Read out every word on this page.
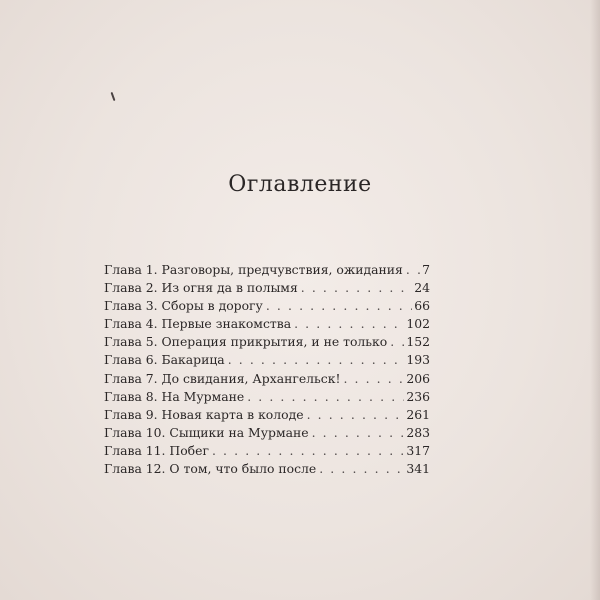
Оглавление
Глава 1. Разговоры, предчувствия, ожидания . . . 7
Глава 2. Из огня да в полымя . . .	24
Глава 3. Сборы в дорогу . . .	66
Глава 4. Первые знакомства . . .	102
Глава 5. Операция прикрытия, и не только . . . 152
Глава 6. Бакарица . . .	193
Глава 7. До свидания, Архангельск! . . .	206
Глава 8. На Мурмане . . .	236
Глава 9. Новая карта в колоде . . .	261
Глава 10. Сыщики на Мурмане . . .	283
Глава 11. Побег . . .	317
Глава 12. О том, что было после . . .	341
